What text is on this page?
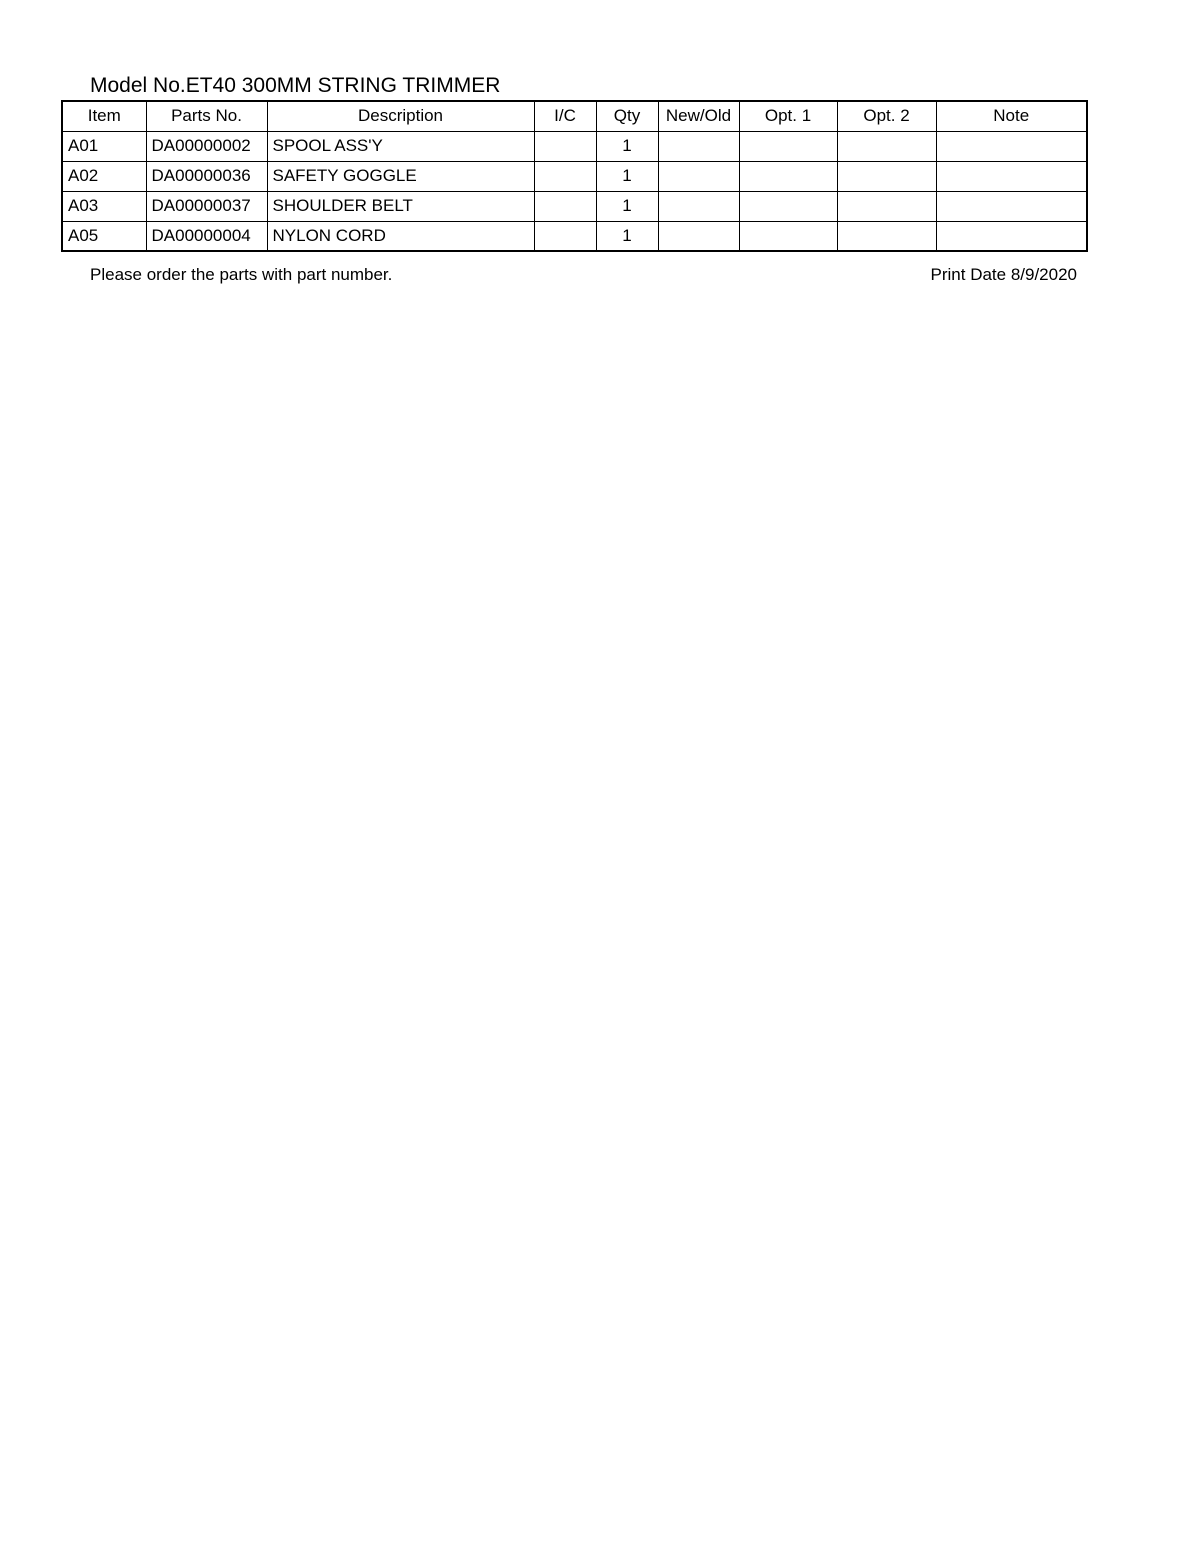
Model No.ET40 300MM STRING TRIMMER
Item	Parts No.	Description	I/C	Qty	New/Old	Opt. 1	Opt. 2	Note
A01	DA00000002	SPOOL ASS'Y		1				
A02	DA00000036	SAFETY GOGGLE		1				
A03	DA00000037	SHOULDER BELT		1				
A05	DA00000004	NYLON CORD		1				
Please order the parts with part number.	Print Date 8/9/2020
